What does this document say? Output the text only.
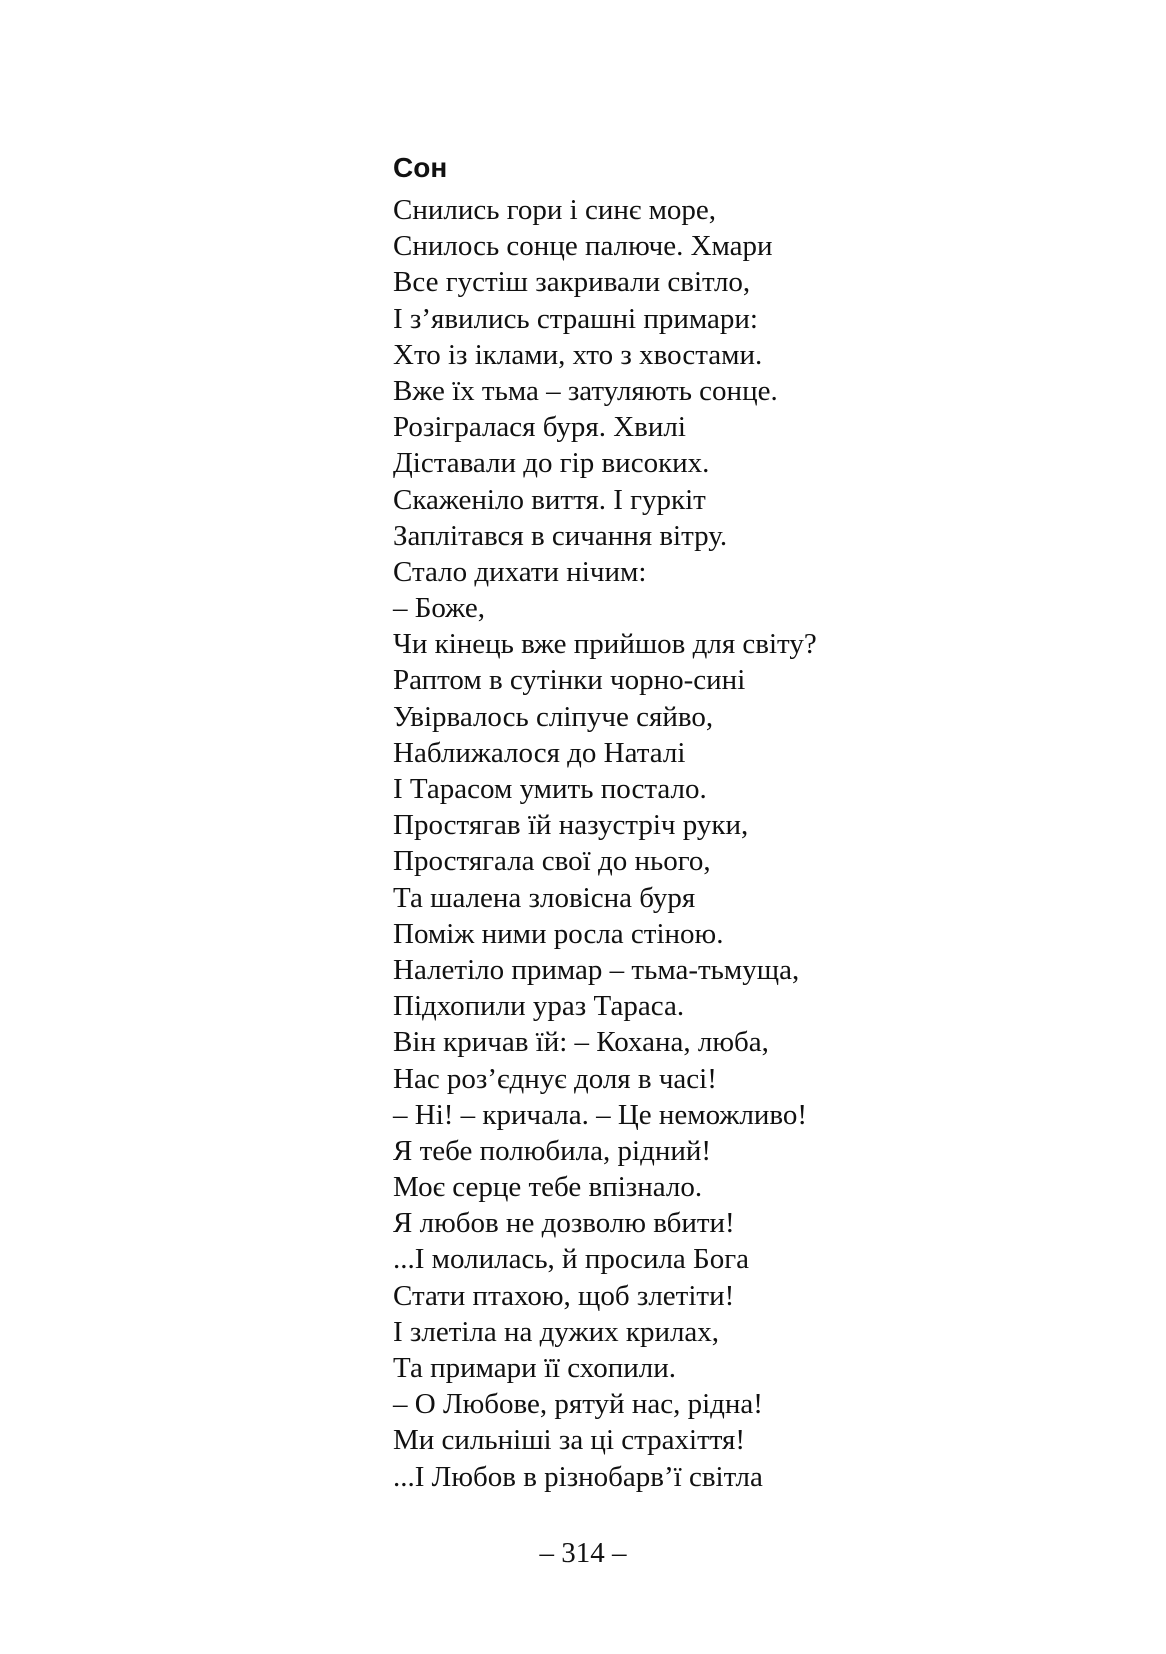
Сон
Снились гори і синє море,
Снилось сонце палюче. Хмари
Все густіш закривали світло,
І з’явились страшні примари:
Хто із іклами, хто з хвостами.
Вже їх тьма – затуляють сонце.
Розігралася буря. Хвилі
Діставали до гір високих.
Скаженіло виття. І гуркіт
Заплітався в сичання вітру.
Стало дихати нічим:
– Боже,
Чи кінець вже прийшов для світу?
Раптом в сутінки чорно-сині
Увірвалось сліпуче сяйво,
Наближалося до Наталі
І Тарасом умить постало.
Простягав їй назустріч руки,
Простягала свої до нього,
Та шалена зловісна буря
Поміж ними росла стіною.
Налетіло примар – тьма-тьмуща,
Підхопили ураз Тараса.
Він кричав їй: – Кохана, люба,
Нас роз’єднує доля в часі!
– Ні! – кричала. – Це неможливо!
Я тебе полюбила, рідний!
Моє серце тебе впізнало.
Я любов не дозволю вбити!
...І молилась, й просила Бога
Стати птахою, щоб злетіти!
І злетіла на дужих крилах,
Та примари її схопили.
– О Любове, рятуй нас, рідна!
Ми сильніші за ці страхіття!
...І Любов в різнобарв’ї світла
– 314 –
